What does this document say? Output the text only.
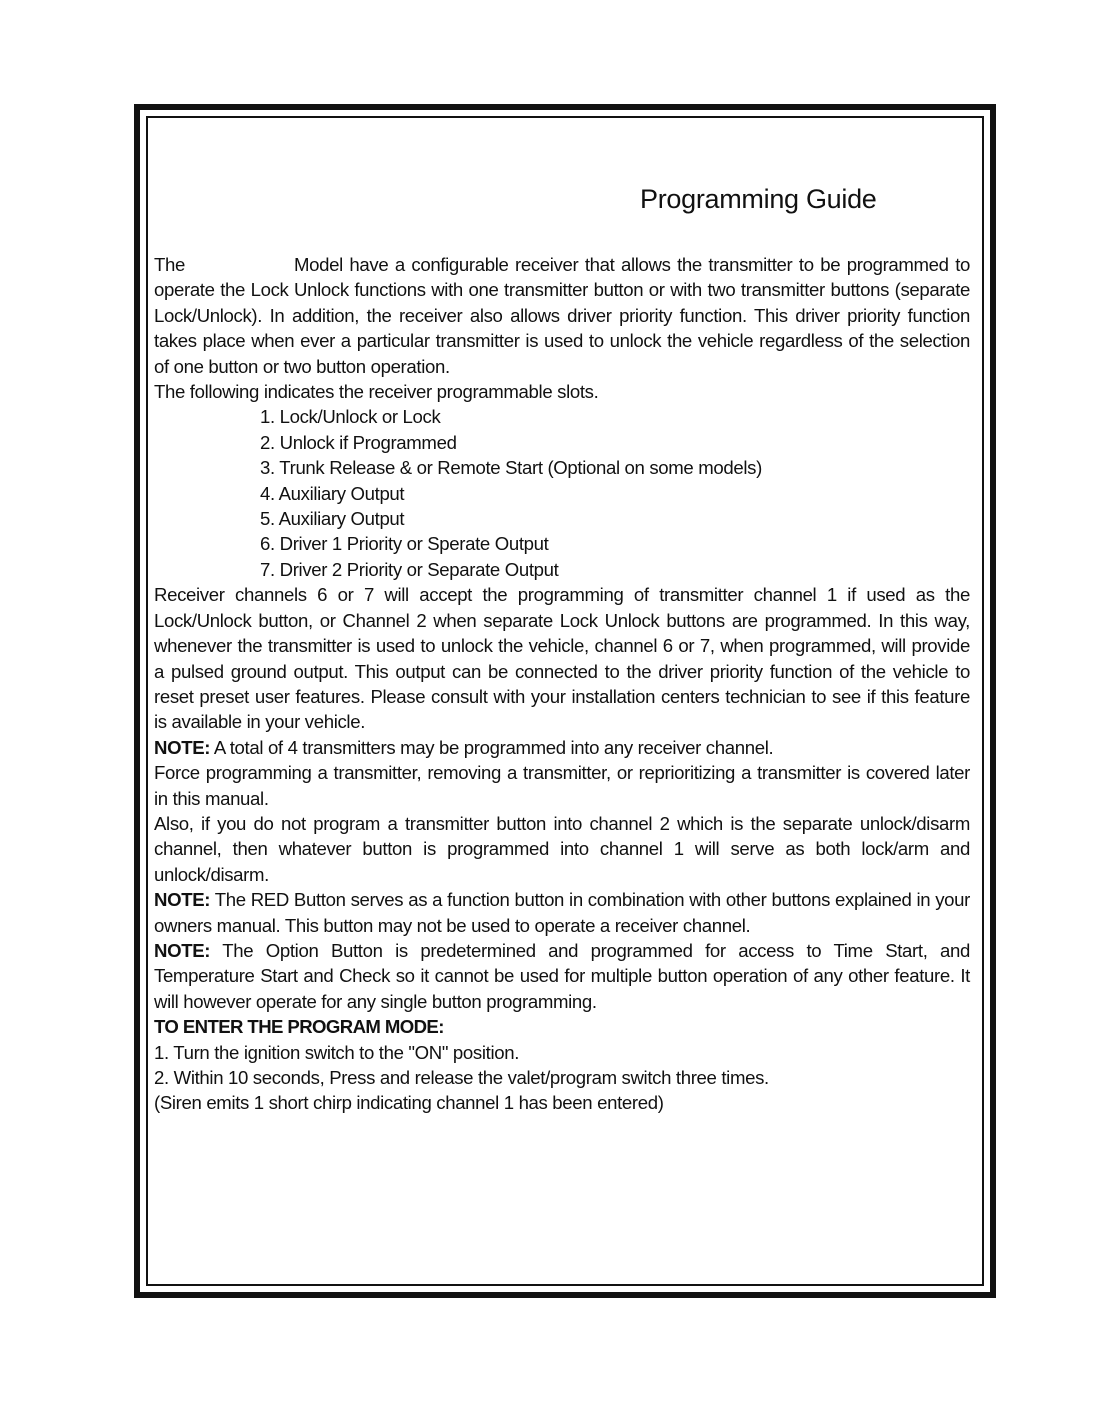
Programming Guide

The	Model have a configurable receiver that allows the transmitter to be programmed to operate the Lock Unlock functions with one transmitter button or with two transmitter buttons (separate Lock/Unlock). In addition, the receiver also allows driver priority function. This driver priority function takes place when ever a particular transmitter is used to unlock the vehicle regardless of the selection of one button or two button operation.

The following indicates the receiver programmable slots.

1. Lock/Unlock or Lock
2. Unlock if Programmed
3. Trunk Release & or Remote Start (Optional on some models)
4. Auxiliary Output
5. Auxiliary Output
6. Driver 1 Priority or Sperate Output
7. Driver 2 Priority or Separate Output

Receiver channels 6 or 7 will accept the programming of transmitter channel 1 if used as the Lock/Unlock button, or Channel 2 when separate Lock Unlock buttons are programmed. In this way, whenever the transmitter is used to unlock the vehicle, channel 6 or 7, when programmed, will provide a pulsed ground output. This output can be connected to the driver priority function of the vehicle to reset preset user features. Please consult with your installation centers technician to see if this feature is available in your vehicle.

NOTE: A total of 4 transmitters may be programmed into any receiver channel.

Force programming a transmitter, removing a transmitter, or reprioritizing a transmitter is covered later in this manual.

Also, if you do not program a transmitter button into channel 2 which is the separate unlock/disarm channel, then whatever button is programmed into channel 1 will serve as both lock/arm and unlock/disarm.

NOTE: The RED Button serves as a function button in combination with other buttons explained in your owners manual. This button may not be used to operate a receiver channel.

NOTE: The Option Button is predetermined and programmed for access to Time Start, and Temperature Start and Check so it cannot be used for multiple button operation of any other feature. It will however operate for any single button programming.

TO ENTER THE PROGRAM MODE:

1. Turn the ignition switch to the "ON" position.

2. Within 10 seconds, Press and release the valet/program switch three times.

(Siren emits 1 short chirp indicating channel 1 has been entered)
